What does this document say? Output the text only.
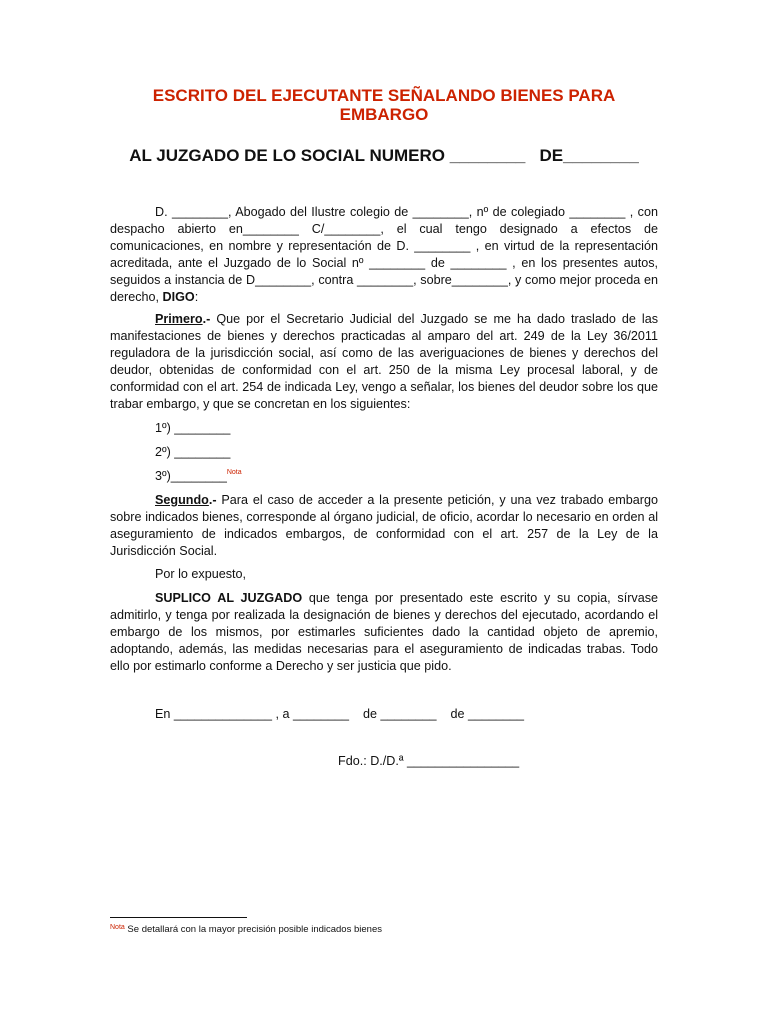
ESCRITO DEL EJECUTANTE SEÑALANDO BIENES PARA
EMBARGO
AL JUZGADO DE LO SOCIAL NUMERO ________   DE________
D. ________, Abogado del Ilustre colegio de ________, nº de colegiado ________ , con despacho abierto en________ C/________, el cual tengo designado a efectos de comunicaciones, en nombre y representación de D. ________ , en virtud de la representación acreditada, ante el Juzgado de lo Social nº ________ de ________ , en los presentes autos, seguidos a instancia de D________, contra ________, sobre________, y como mejor proceda en derecho, DIGO:
Primero.- Que por el Secretario Judicial del Juzgado se me ha dado traslado de las manifestaciones de bienes y derechos practicadas al amparo del art. 249 de la Ley 36/2011 reguladora de la jurisdicción social, así como de las averiguaciones de bienes y derechos del deudor, obtenidas de conformidad con el art. 250 de la misma Ley procesal laboral, y de conformidad con el art. 254 de indicada Ley, vengo a señalar, los bienes del deudor sobre los que trabar embargo, y que se concretan en los siguientes:
1º) ________
2º) ________
3º)________$^{Nota}$
Segundo.- Para el caso de acceder a la presente petición, y una vez trabado embargo sobre indicados bienes, corresponde al órgano judicial, de oficio, acordar lo necesario en orden al aseguramiento de indicados embargos, de conformidad con el art. 257 de la Ley de la Jurisdicción Social.
Por lo expuesto,
SUPLICO AL JUZGADO que tenga por presentado este escrito y su copia, sírvase admitirlo, y tenga por realizada la designación de bienes y derechos del ejecutado, acordando el embargo de los mismos, por estimarles suficientes dado la cantidad objeto de apremio, adoptando, además, las medidas necesarias para el aseguramiento de indicadas trabas. Todo ello por estimarlo conforme a Derecho y ser justicia que pido.
En ______________ , a ________    de ________    de ________
Fdo.: D./D.ª ________________
$^{Nota}$ Se detallará con la mayor precisión posible indicados bienes
